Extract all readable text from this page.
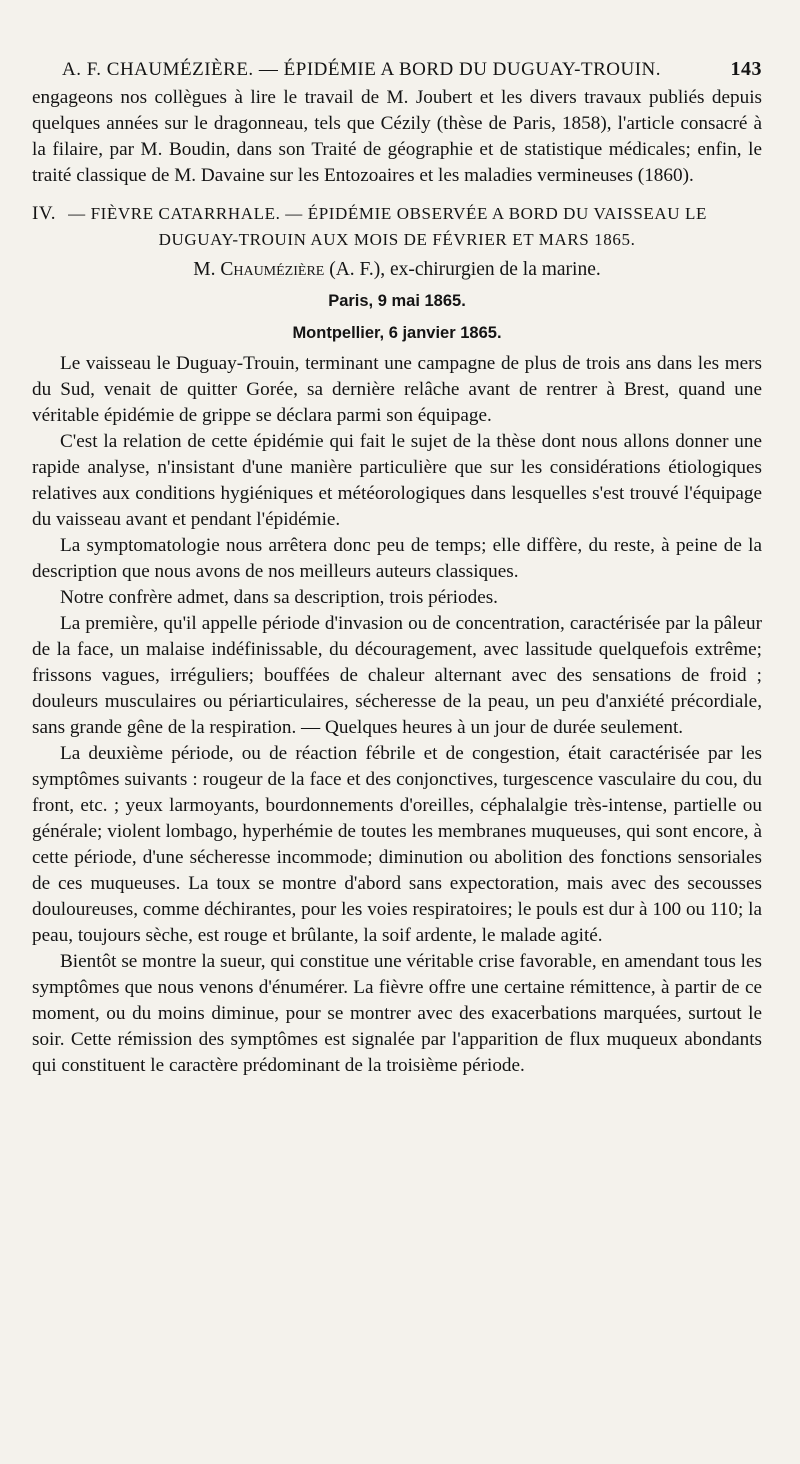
A. F. CHAUMÉZIÈRE. — ÉPIDÉMIE A BORD DU DUGUAY-TROUIN.	143

engageons nos collègues à lire le travail de M. Joubert et les divers travaux publiés depuis quelques années sur le dragonneau, tels que Cézily (thèse de Paris, 1858), l'article consacré à la filaire, par M. Boudin, dans son Traité de géographie et de statistique médicales; enfin, le traité classique de M. Davaine sur les Entozoaires et les maladies vermineuses (1860).

IV. — FIÈVRE CATARRHALE. — ÉPIDÉMIE OBSERVÉE A BORD DU VAISSEAU LE
DUGUAY-TROUIN AUX MOIS DE FÉVRIER ET MARS 1865.
M. Chaumézière (A. F.), ex-chirurgien de la marine.
Paris, 9 mai 1865.
Montpellier, 6 janvier 1865.

Le vaisseau le Duguay-Trouin, terminant une campagne de plus de trois ans dans les mers du Sud, venait de quitter Gorée, sa dernière relâche avant de rentrer à Brest, quand une véritable épidémie de grippe se déclara parmi son équipage.

C'est la relation de cette épidémie qui fait le sujet de la thèse dont nous allons donner une rapide analyse, n'insistant d'une manière particulière que sur les considérations étiologiques relatives aux conditions hygiéniques et météorologiques dans lesquelles s'est trouvé l'équipage du vaisseau avant et pendant l'épidémie.

La symptomatologie nous arrêtera donc peu de temps; elle diffère, du reste, à peine de la description que nous avons de nos meilleurs auteurs classiques.

Notre confrère admet, dans sa description, trois périodes.

La première, qu'il appelle période d'invasion ou de concentration, caractérisée par la pâleur de la face, un malaise indéfinissable, du découragement, avec lassitude quelquefois extrême; frissons vagues, irréguliers; bouffées de chaleur alternant avec des sensations de froid ; douleurs musculaires ou périarticulaires, sécheresse de la peau, un peu d'anxiété précordiale, sans grande gêne de la respiration. — Quelques heures à un jour de durée seulement.

La deuxième période, ou de réaction fébrile et de congestion, était caractérisée par les symptômes suivants : rougeur de la face et des conjonctives, turgescence vasculaire du cou, du front, etc. ; yeux larmoyants, bourdonnements d'oreilles, céphalalgie très-intense, partielle ou générale; violent lombago, hyperhémie de toutes les membranes muqueuses, qui sont encore, à cette période, d'une sécheresse incommode; diminution ou abolition des fonctions sensoriales de ces muqueuses. La toux se montre d'abord sans expectoration, mais avec des secousses douloureuses, comme déchirantes, pour les voies respiratoires; le pouls est dur à 100 ou 110; la peau, toujours sèche, est rouge et brûlante, la soif ardente, le malade agité.

Bientôt se montre la sueur, qui constitue une véritable crise favorable, en amendant tous les symptômes que nous venons d'énumérer. La fièvre offre une certaine rémittence, à partir de ce moment, ou du moins diminue, pour se montrer avec des exacerbations marquées, surtout le soir. Cette rémission des symptômes est signalée par l'apparition de flux muqueux abondants qui constituent le caractère prédominant de la troisième période.
